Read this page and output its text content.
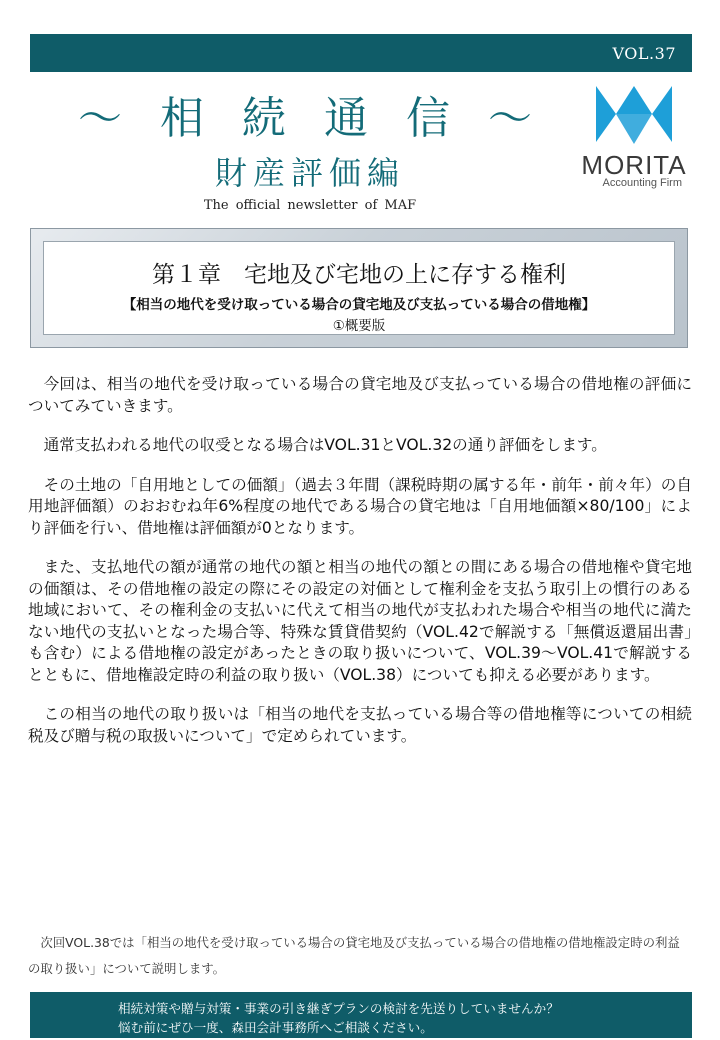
VOL.37
～ 相 続 通 信 ～
財産評価編
The official newsletter of MAF
MORITA
Accounting Firm
第１章　宅地及び宅地の上に存する権利
【相当の地代を受け取っている場合の貸宅地及び支払っている場合の借地権】
①概要版

今回は、相当の地代を受け取っている場合の貸宅地及び支払っている場合の借地権の評価についてみていきます。

通常支払われる地代の収受となる場合はVOL.31とVOL.32の通り評価をします。

その土地の「自用地としての価額」（過去３年間（課税時期の属する年・前年・前々年）の自用地評価額）のおおむね年6%程度の地代である場合の貸宅地は「自用地価額×80/100」により評価を行い、借地権は評価額が0となります。

また、支払地代の額が通常の地代の額と相当の地代の額との間にある場合の借地権や貸宅地の価額は、その借地権の設定の際にその設定の対価として権利金を支払う取引上の慣行のある地域において、その権利金の支払いに代えて相当の地代が支払われた場合や相当の地代に満たない地代の支払いとなった場合等、特殊な賃貸借契約（VOL.42で解説する「無償返還届出書」も含む）による借地権の設定があったときの取り扱いについて、VOL.39～VOL.41で解説するとともに、借地権設定時の利益の取り扱い（VOL.38）についても抑える必要があります。

この相当の地代の取り扱いは「相当の地代を支払っている場合等の借地権等についての相続税及び贈与税の取扱いについて」で定められています。

次回VOL.38では「相当の地代を受け取っている場合の貸宅地及び支払っている場合の借地権の借地権設定時の利益の取り扱い」について説明します。
相続対策や贈与対策・事業の引き継ぎプランの検討を先送りしていませんか？
悩む前にぜひ一度、森田会計事務所へご相談ください。
